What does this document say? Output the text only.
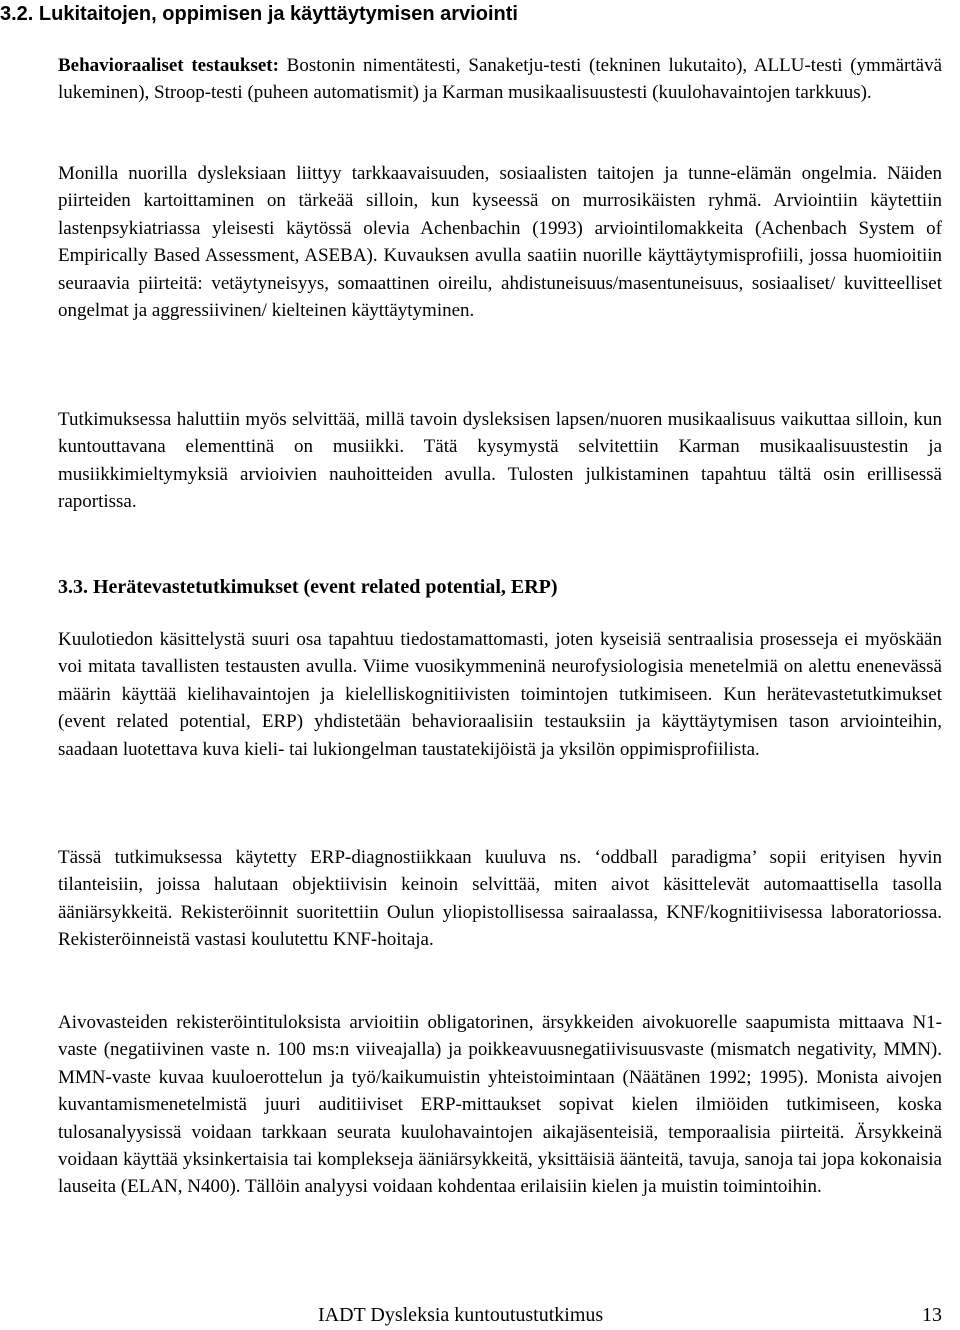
3.2. Lukitaitojen, oppimisen ja käyttäytymisen arviointi

Behavioraaliset testaukset: Bostonin nimentätesti, Sanaketju-testi (tekninen lukutaito), ALLU-testi (ymmärtävä lukeminen), Stroop-testi (puheen automatismit) ja Karman musikaalisuustesti (kuulohavaintojen tarkkuus).

Monilla nuorilla dysleksiaan liittyy tarkkaavaisuuden, sosiaalisten taitojen ja tunne-elämän ongelmia. Näiden piirteiden kartoittaminen on tärkeää silloin, kun kyseessä on murrosikäisten ryhmä. Arviointiin käytettiin lastenpsykiatriassa yleisesti käytössä olevia Achenbachin (1993) arviointilomakkeita (Achenbach System of Empirically Based Assessment, ASEBA). Kuvauksen avulla saatiin nuorille käyttäytymisprofiili, jossa huomioitiin seuraavia piirteitä: vetäytyneisyys, somaattinen oireilu, ahdistuneisuus/masentuneisuus, sosiaaliset/ kuvitteelliset ongelmat ja aggressiivinen/ kielteinen käyttäytyminen.

Tutkimuksessa haluttiin myös selvittää, millä tavoin dysleksisen lapsen/nuoren musikaalisuus vaikuttaa silloin, kun kuntouttavana elementtinä on musiikki. Tätä kysymystä selvitettiin Karman musikaalisuustestin ja musiikkimieltymyksiä arvioivien nauhoitteiden avulla. Tulosten julkistaminen tapahtuu tältä osin erillisessä raportissa.

3.3. Herätevastetutkimukset (event related potential, ERP)

Kuulotiedon käsittelystä suuri osa tapahtuu tiedostamattomasti, joten kyseisiä sentraalisia prosesseja ei myöskään voi mitata tavallisten testausten avulla. Viime vuosikymmeninä neurofysiologisia menetelmiä on alettu enenevässä määrin käyttää kielihavaintojen ja kielelliskognitiivisten toimintojen tutkimiseen. Kun herätevastetutkimukset (event related potential, ERP) yhdistetään behavioraalisiin testauksiin ja käyttäytymisen tason arviointeihin, saadaan luotettava kuva kieli- tai lukiongelman taustatekijöistä ja yksilön oppimisprofiilista.

Tässä tutkimuksessa käytetty ERP-diagnostiikkaan kuuluva ns. ‘oddball paradigma’ sopii erityisen hyvin tilanteisiin, joissa halutaan objektiivisin keinoin selvittää, miten aivot käsittelevät automaattisella tasolla ääniärsykkeitä. Rekisteröinnit suoritettiin Oulun yliopistollisessa sairaalassa, KNF/kognitiivisessa laboratoriossa. Rekisteröinneistä vastasi koulutettu KNF-hoitaja.

Aivovasteiden rekisteröintituloksista arvioitiin obligatorinen, ärsykkeiden aivokuorelle saapumista mittaava N1-vaste (negatiivinen vaste n. 100 ms:n viiveajalla) ja poikkeavuusnegatiivisuusvaste (mismatch negativity, MMN). MMN-vaste kuvaa kuuloerottelun ja työ/kaikumuistin yhteistoimintaan (Näätänen 1992; 1995). Monista aivojen kuvantamismenetelmistä juuri auditiiviset ERP-mittaukset sopivat kielen ilmiöiden tutkimiseen, koska tulosanalyysissä voidaan tarkkaan seurata kuulohavaintojen aikajäsenteisiä, temporaalisia piirteitä. Ärsykkeinä voidaan käyttää yksinkertaisia tai komplekseja ääniärsykkeitä, yksittäisiä äänteitä, tavuja, sanoja tai jopa kokonaisia lauseita (ELAN, N400). Tällöin analyysi voidaan kohdentaa erilaisiin kielen ja muistin toimintoihin.

IADT Dysleksia kuntoutustutkimus	13
